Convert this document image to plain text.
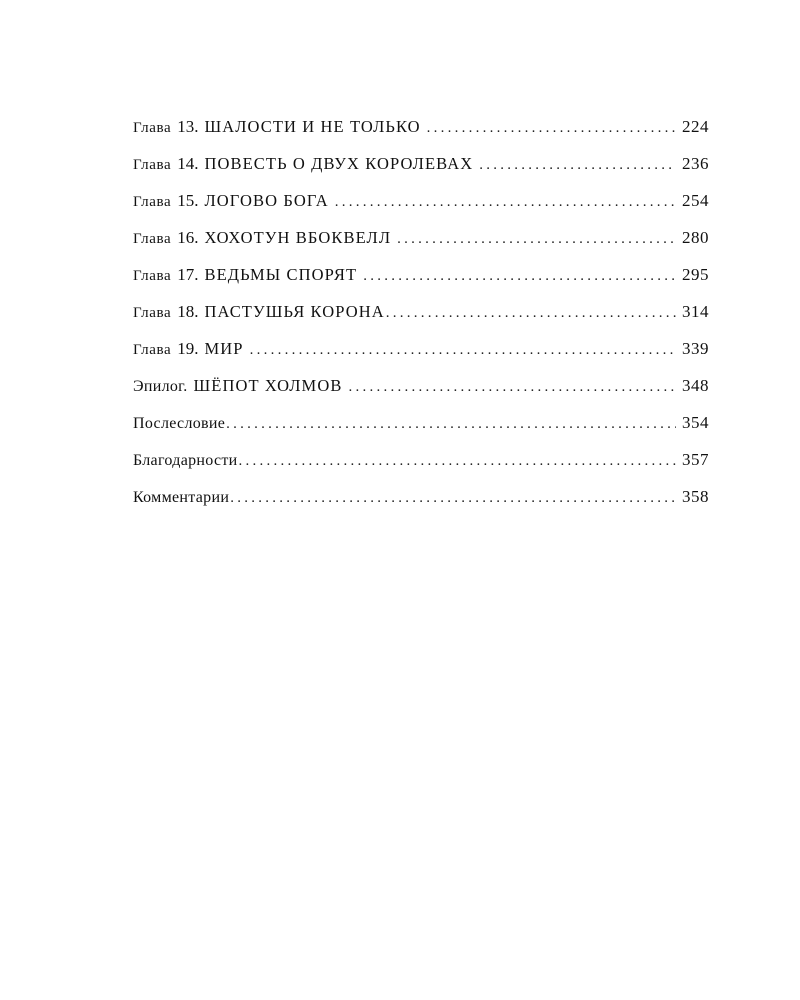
Глава 13. ШАЛОСТИ И НЕ ТОЛЬКО . . .	224
Глава 14. ПОВЕСТЬ О ДВУХ КОРОЛЕВАХ . . .	236
Глава 15. ЛОГОВО БОГА . . .	254
Глава 16. ХОХОТУН ВБОКВЕЛЛ . . .	280
Глава 17. ВЕДЬМЫ СПОРЯТ . . .	295
Глава 18. ПАСТУШЬЯ КОРОНА . . .	314
Глава 19. МИР . . .	339
Эпилог. ШЁПОТ ХОЛМОВ . . .	348
Послесловие . . .	354
Благодарности . . .	357
Комментарии . . .	358
